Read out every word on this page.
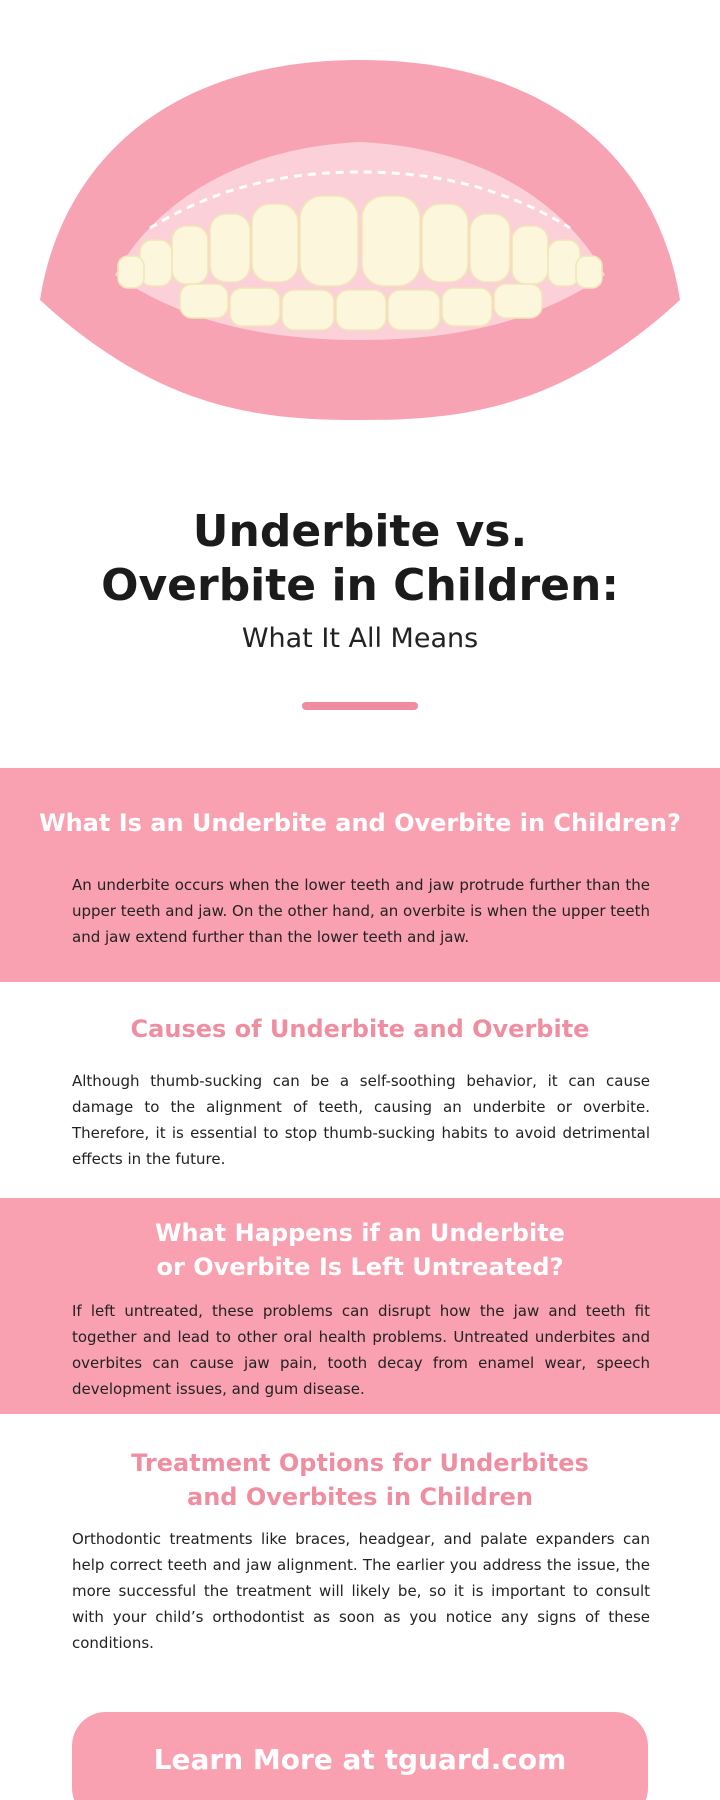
Underbite vs.
Overbite in Children:
What It All Means
What Is an Underbite and Overbite in Children?
An underbite occurs when the lower teeth and jaw protrude further than the upper teeth and jaw. On the other hand, an overbite is when the upper teeth and jaw extend further than the lower teeth and jaw.
Causes of Underbite and Overbite
Although thumb-sucking can be a self-soothing behavior, it can cause damage to the alignment of teeth, causing an underbite or overbite. Therefore, it is essential to stop thumb-sucking habits to avoid detrimental effects in the future.
What Happens if an Underbite
or Overbite Is Left Untreated?
If left untreated, these problems can disrupt how the jaw and teeth fit together and lead to other oral health problems. Untreated underbites and overbites can cause jaw pain, tooth decay from enamel wear, speech development issues, and gum disease.
Treatment Options for Underbites
and Overbites in Children
Orthodontic treatments like braces, headgear, and palate expanders can help correct teeth and jaw alignment. The earlier you address the issue, the more successful the treatment will likely be, so it is important to consult with your child’s orthodontist as soon as you notice any signs of these conditions.
Learn More at tguard.com
